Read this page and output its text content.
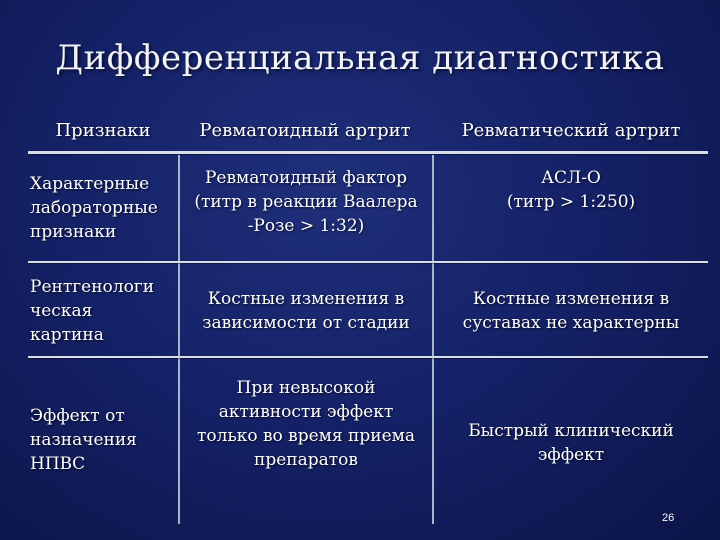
Дифференциальная диагностика
Признаки	Ревматоидный артрит	Ревматический артрит
Характерные
лабораторные
признаки
Ревматоидный фактор
(титр в реакции Ваалера
-Розе > 1:32)
АСЛ-О
(титр > 1:250)
Рентгенологи
ческая
картина
Костные изменения в
зависимости от стадии
Костные изменения в
суставах не характерны
Эффект от
назначения
НПВС
При невысокой
активности эффект
только во время приема
препаратов
Быстрый клинический
эффект
26
